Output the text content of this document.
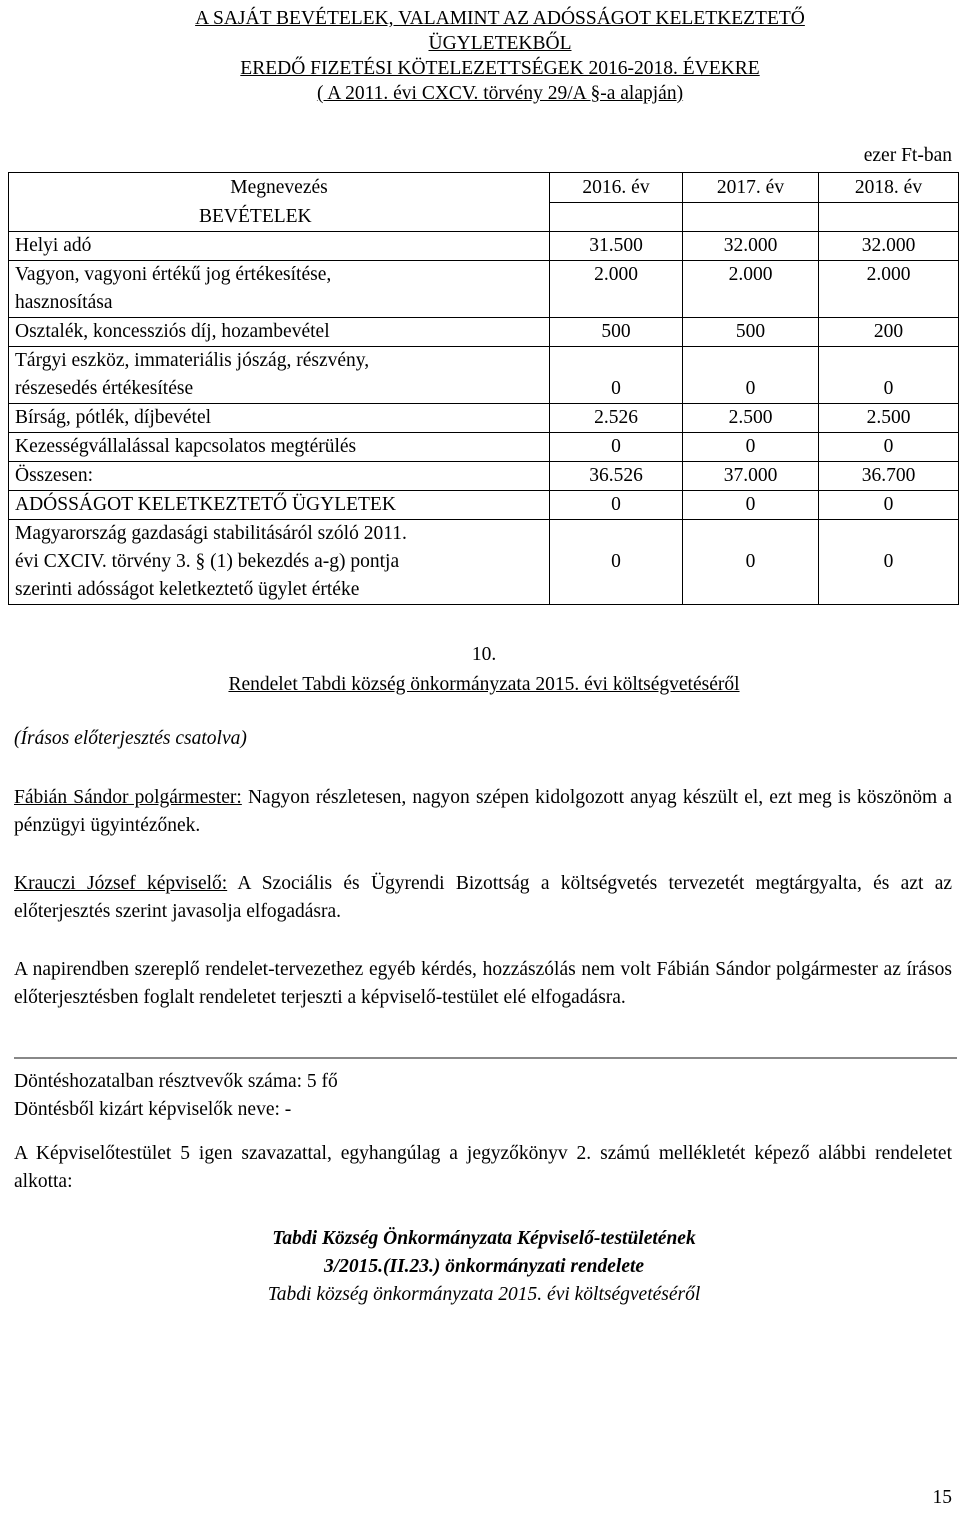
A SAJÁT BEVÉTELEK, VALAMINT AZ ADÓSSÁGOT KELETKEZTETŐ
ÜGYLETEKBŐL
EREDŐ FIZETÉSI KÖTELEZETTSÉGEK 2016-2018. ÉVEKRE
( A 2011. évi CXCV. törvény 29/A §-a alapján)
ezer Ft-ban
Megnevezés	2016. év	2017. év	2018. év
BEVÉTELEK			
Helyi adó	31.500	32.000	32.000

Vagyon, vagyoni értékű jog értékesítése,
hasznosítása	2.000	2.000	2.000
Osztalék, koncessziós díj, hozambevétel	500	500	200

Tárgyi eszköz, immateriális jószág, részvény,
részesedés értékesítése	0	0	0
Bírság, pótlék, díjbevétel	2.526	2.500	2.500
Kezességvállalással kapcsolatos megtérülés	0	0	0
Összesen:	36.526	37.000	36.700
ADÓSSÁGOT KELETKEZTETŐ ÜGYLETEK	0	0	0

Magyarország gazdasági stabilitásáról szóló 2011.
évi CXCIV. törvény 3. § (1) bekezdés a-g) pontja
szerinti adósságot keletkeztető ügylet értéke	0	0	0
10.
Rendelet Tabdi község önkormányzata 2015. évi költségvetéséről
(Írásos előterjesztés csatolva)

Fábián Sándor polgármester: Nagyon részletesen, nagyon szépen kidolgozott anyag készült el, ezt meg is köszönöm a pénzügyi ügyintézőnek.

Krauczi József képviselő: A Szociális és Ügyrendi Bizottság a költségvetés tervezetét megtárgyalta, és azt az előterjesztés szerint javasolja elfogadásra.

A napirendben szereplő rendelet-tervezethez egyéb kérdés, hozzászólás nem volt Fábián Sándor polgármester az írásos előterjesztésben foglalt rendeletet terjeszti a képviselő-testület elé elfogadásra.

Döntéshozatalban résztvevők száma: 5 fő
Döntésből kizárt képviselők neve: -

A Képviselőtestület 5 igen szavazattal, egyhangúlag a jegyzőkönyv 2. számú mellékletét képező alábbi rendeletet alkotta:

Tabdi Község Önkormányzata Képviselő-testületének
3/2015.(II.23.) önkormányzati rendelete
Tabdi község önkormányzata 2015. évi költségvetéséről
15
